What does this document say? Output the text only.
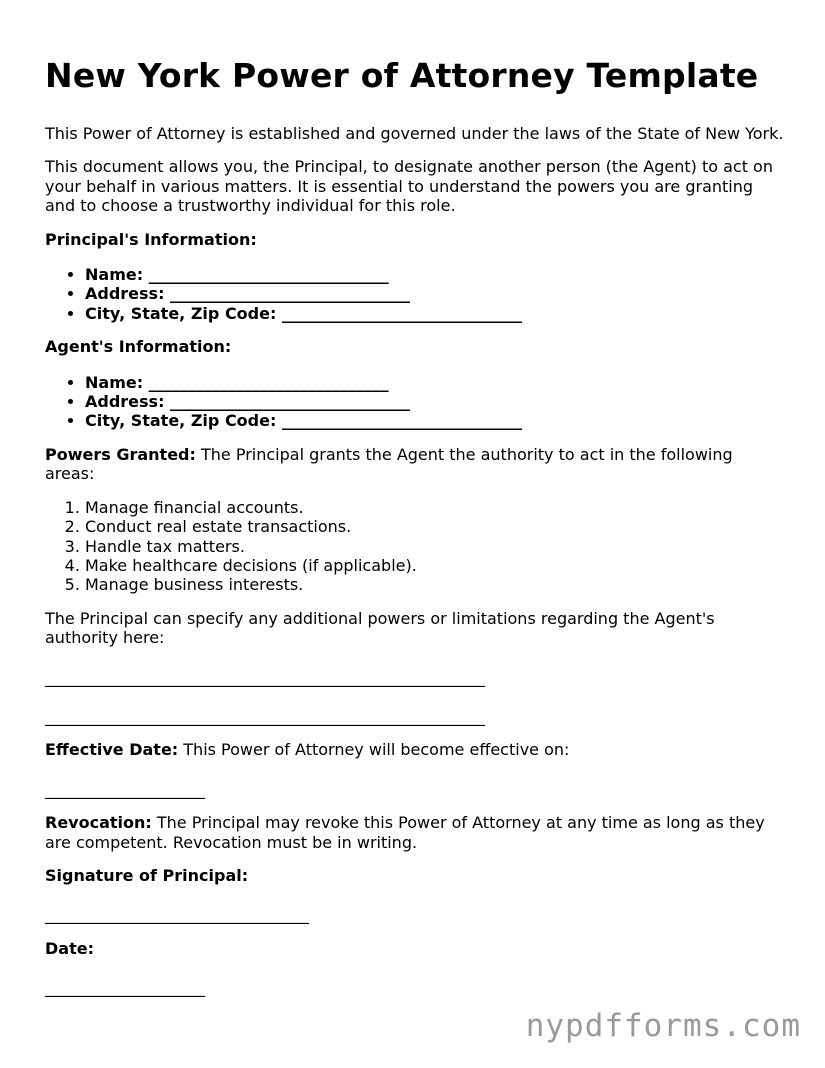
New York Power of Attorney Template

This Power of Attorney is established and governed under the laws of the State of New York.

This document allows you, the Principal, to designate another person (the Agent) to act on your behalf in various matters. It is essential to understand the powers you are granting and to choose a trustworthy individual for this role.

Principal's Information:

• Name: ______________________________
• Address: ______________________________
• City, State, Zip Code: ______________________________

Agent's Information:

• Name: ______________________________
• Address: ______________________________
• City, State, Zip Code: ______________________________

Powers Granted: The Principal grants the Agent the authority to act in the following areas:

1. Manage financial accounts.
2. Conduct real estate transactions.
3. Handle tax matters.
4. Make healthcare decisions (if applicable).
5. Manage business interests.

The Principal can specify any additional powers or limitations regarding the Agent's authority here:

_______________________________________________________
_______________________________________________________

Effective Date: This Power of Attorney will become effective on:

____________________

Revocation: The Principal may revoke this Power of Attorney at any time as long as they are competent. Revocation must be in writing.

Signature of Principal:

_________________________________

Date:

____________________
nypdfforms.com
